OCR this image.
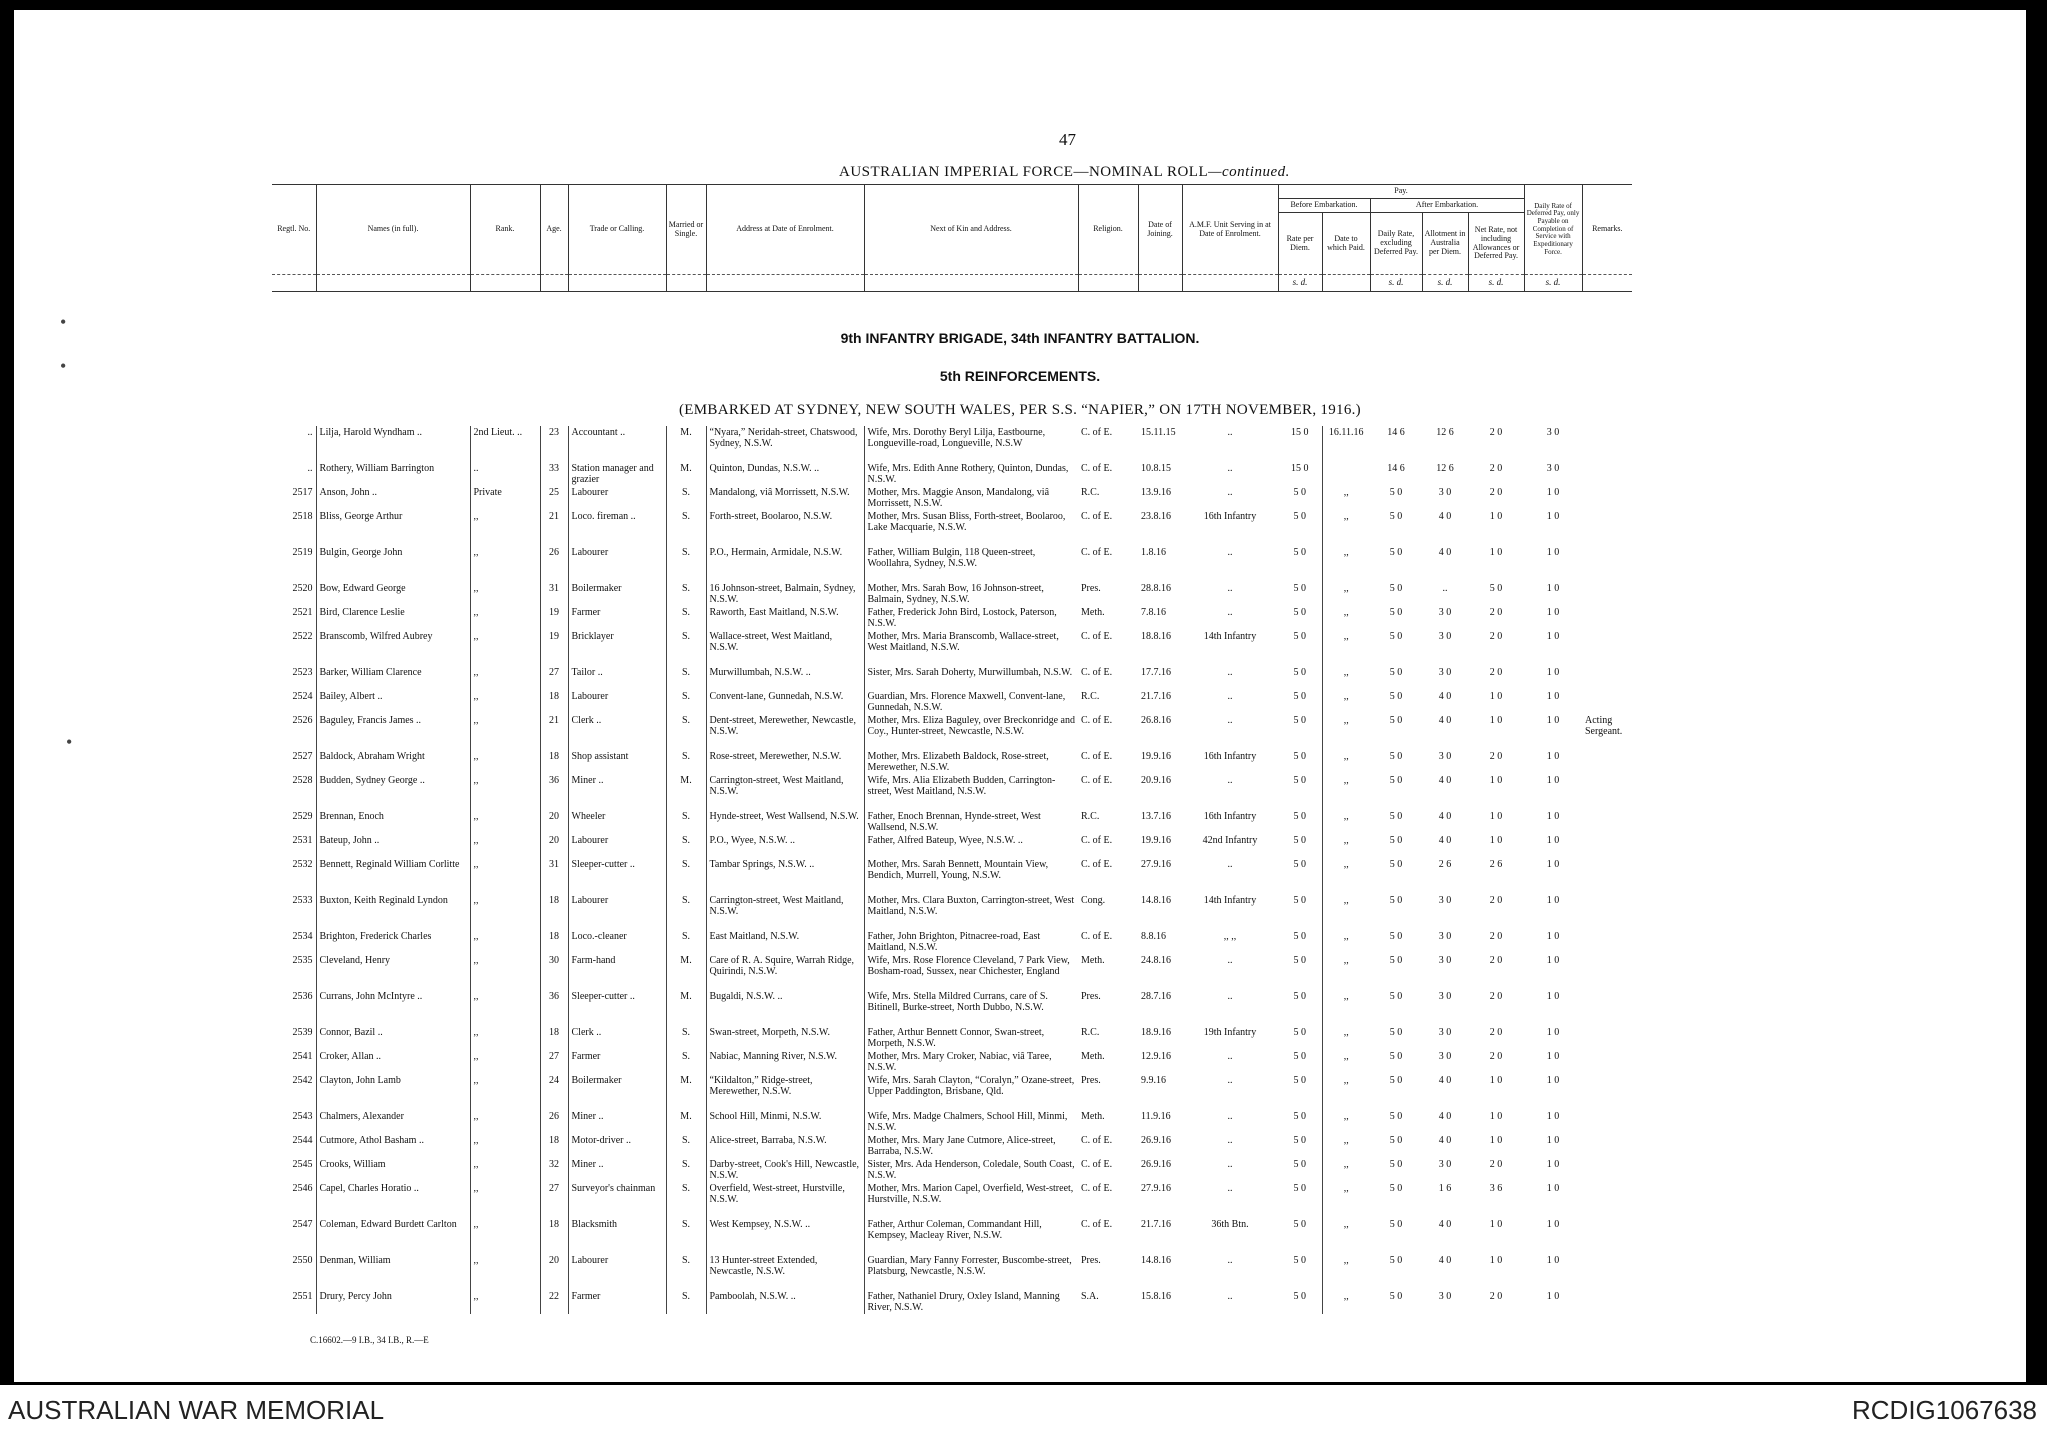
47
AUSTRALIAN IMPERIAL FORCE—NOMINAL ROLL—continued.
Regtl. No.	Names (in full).	Rank.	Age.	Trade or Calling.	Married or Single.	Address at Date of Enrolment.	Next of Kin and Address.	Religion.	Date of Joining.	A.M.F. Unit Serving in at Date of Enrolment.	Pay.					Daily Rate of Deferred Pay, only Payable on Completion of Service with Expeditionary Force.	Remarks.
											Before Embarkation.		After Embarkation.				
											Rate per Diem.	Date to which Paid.	Daily Rate, excluding Deferred Pay.	Allotment in Australia per Diem.	Net Rate, not including Allowances or Deferred Pay.		
											s. d.		s. d.	s. d.	s. d.	s. d.	
9th INFANTRY BRIGADE, 34th INFANTRY BATTALION.
5th REINFORCEMENTS.
(EMBARKED AT SYDNEY, NEW SOUTH WALES, PER S.S. “NAPIER,” ON 17TH NOVEMBER, 1916.)
..	Lilja, Harold Wyndham ..	2nd Lieut. ..	23	Accountant ..	M.	“Nyara,” Neridah-street, Chatswood, Sydney, N.S.W.	Wife, Mrs. Dorothy Beryl Lilja, Eastbourne, Longueville-road, Longueville, N.S.W	C. of E.	15.11.15	..	15 0	16.11.16	14 6	12 6	2 0	3 0	
..	Rothery, William Barrington	..	33	Station manager and grazier	M.	Quinton, Dundas, N.S.W. ..	Wife, Mrs. Edith Anne Rothery, Quinton, Dundas, N.S.W.	C. of E.	10.8.15	..	15 0		14 6	12 6	2 0	3 0	
2517	Anson, John ..	Private	25	Labourer	S.	Mandalong, viâ Morrissett, N.S.W.	Mother, Mrs. Maggie Anson, Mandalong, viâ Morrissett, N.S.W.	R.C.	13.9.16	..	5 0	,,	5 0	3 0	2 0	1 0	
2518	Bliss, George Arthur	,,	21	Loco. fireman ..	S.	Forth-street, Boolaroo, N.S.W.	Mother, Mrs. Susan Bliss, Forth-street, Boolaroo, Lake Macquarie, N.S.W.	C. of E.	23.8.16	16th Infantry	5 0	,,	5 0	4 0	1 0	1 0	
2519	Bulgin, George John	,,	26	Labourer	S.	P.O., Hermain, Armidale, N.S.W.	Father, William Bulgin, 118 Queen-street, Woollahra, Sydney, N.S.W.	C. of E.	1.8.16	..	5 0	,,	5 0	4 0	1 0	1 0	
2520	Bow, Edward George	,,	31	Boilermaker	S.	16 Johnson-street, Balmain, Sydney, N.S.W.	Mother, Mrs. Sarah Bow, 16 Johnson-street, Balmain, Sydney, N.S.W.	Pres.	28.8.16	..	5 0	,,	5 0	..	5 0	1 0	
2521	Bird, Clarence Leslie	,,	19	Farmer	S.	Raworth, East Maitland, N.S.W.	Father, Frederick John Bird, Lostock, Paterson, N.S.W.	Meth.	7.8.16	..	5 0	,,	5 0	3 0	2 0	1 0	
2522	Branscomb, Wilfred Aubrey	,,	19	Bricklayer	S.	Wallace-street, West Maitland, N.S.W.	Mother, Mrs. Maria Branscomb, Wallace-street, West Maitland, N.S.W.	C. of E.	18.8.16	14th Infantry	5 0	,,	5 0	3 0	2 0	1 0	
2523	Barker, William Clarence	,,	27	Tailor ..	S.	Murwillumbah, N.S.W. ..	Sister, Mrs. Sarah Doherty, Murwillumbah, N.S.W.	C. of E.	17.7.16	..	5 0	,,	5 0	3 0	2 0	1 0	
2524	Bailey, Albert ..	,,	18	Labourer	S.	Convent-lane, Gunnedah, N.S.W.	Guardian, Mrs. Florence Maxwell, Convent-lane, Gunnedah, N.S.W.	R.C.	21.7.16	..	5 0	,,	5 0	4 0	1 0	1 0	
2526	Baguley, Francis James ..	,,	21	Clerk ..	S.	Dent-street, Merewether, Newcastle, N.S.W.	Mother, Mrs. Eliza Baguley, over Breckonridge and Coy., Hunter-street, Newcastle, N.S.W.	C. of E.	26.8.16	..	5 0	,,	5 0	4 0	1 0	1 0	Acting Sergeant.
2527	Baldock, Abraham Wright	,,	18	Shop assistant	S.	Rose-street, Merewether, N.S.W.	Mother, Mrs. Elizabeth Baldock, Rose-street, Merewether, N.S.W.	C. of E.	19.9.16	16th Infantry	5 0	,,	5 0	3 0	2 0	1 0	
2528	Budden, Sydney George ..	,,	36	Miner ..	M.	Carrington-street, West Maitland, N.S.W.	Wife, Mrs. Alia Elizabeth Budden, Carrington-street, West Maitland, N.S.W.	C. of E.	20.9.16	..	5 0	,,	5 0	4 0	1 0	1 0	
2529	Brennan, Enoch	,,	20	Wheeler	S.	Hynde-street, West Wallsend, N.S.W.	Father, Enoch Brennan, Hynde-street, West Wallsend, N.S.W.	R.C.	13.7.16	16th Infantry	5 0	,,	5 0	4 0	1 0	1 0	
2531	Bateup, John ..	,,	20	Labourer	S.	P.O., Wyee, N.S.W. ..	Father, Alfred Bateup, Wyee, N.S.W. ..	C. of E.	19.9.16	42nd Infantry	5 0	,,	5 0	4 0	1 0	1 0	
2532	Bennett, Reginald William Corlitte	,,	31	Sleeper-cutter ..	S.	Tambar Springs, N.S.W. ..	Mother, Mrs. Sarah Bennett, Mountain View, Bendich, Murrell, Young, N.S.W.	C. of E.	27.9.16	..	5 0	,,	5 0	2 6	2 6	1 0	
2533	Buxton, Keith Reginald Lyndon	,,	18	Labourer	S.	Carrington-street, West Maitland, N.S.W.	Mother, Mrs. Clara Buxton, Carrington-street, West Maitland, N.S.W.	Cong.	14.8.16	14th Infantry	5 0	,,	5 0	3 0	2 0	1 0	
2534	Brighton, Frederick Charles	,,	18	Loco.-cleaner	S.	East Maitland, N.S.W.	Father, John Brighton, Pitnacree-road, East Maitland, N.S.W.	C. of E.	8.8.16	,, ,,	5 0	,,	5 0	3 0	2 0	1 0	
2535	Cleveland, Henry	,,	30	Farm-hand	M.	Care of R. A. Squire, Warrah Ridge, Quirindi, N.S.W.	Wife, Mrs. Rose Florence Cleveland, 7 Park View, Bosham-road, Sussex, near Chichester, England	Meth.	24.8.16	..	5 0	,,	5 0	3 0	2 0	1 0	
2536	Currans, John McIntyre ..	,,	36	Sleeper-cutter ..	M.	Bugaldi, N.S.W. ..	Wife, Mrs. Stella Mildred Currans, care of S. Bitinell, Burke-street, North Dubbo, N.S.W.	Pres.	28.7.16	..	5 0	,,	5 0	3 0	2 0	1 0	
2539	Connor, Bazil ..	,,	18	Clerk ..	S.	Swan-street, Morpeth, N.S.W.	Father, Arthur Bennett Connor, Swan-street, Morpeth, N.S.W.	R.C.	18.9.16	19th Infantry	5 0	,,	5 0	3 0	2 0	1 0	
2541	Croker, Allan ..	,,	27	Farmer	S.	Nabiac, Manning River, N.S.W.	Mother, Mrs. Mary Croker, Nabiac, viâ Taree, N.S.W.	Meth.	12.9.16	..	5 0	,,	5 0	3 0	2 0	1 0	
2542	Clayton, John Lamb	,,	24	Boilermaker	M.	“Kildalton,” Ridge-street, Merewether, N.S.W.	Wife, Mrs. Sarah Clayton, “Coralyn,” Ozane-street, Upper Paddington, Brisbane, Qld.	Pres.	9.9.16	..	5 0	,,	5 0	4 0	1 0	1 0	
2543	Chalmers, Alexander	,,	26	Miner ..	M.	School Hill, Minmi, N.S.W.	Wife, Mrs. Madge Chalmers, School Hill, Minmi, N.S.W.	Meth.	11.9.16	..	5 0	,,	5 0	4 0	1 0	1 0	
2544	Cutmore, Athol Basham ..	,,	18	Motor-driver ..	S.	Alice-street, Barraba, N.S.W.	Mother, Mrs. Mary Jane Cutmore, Alice-street, Barraba, N.S.W.	C. of E.	26.9.16	..	5 0	,,	5 0	4 0	1 0	1 0	
2545	Crooks, William	,,	32	Miner ..	S.	Darby-street, Cook's Hill, Newcastle, N.S.W.	Sister, Mrs. Ada Henderson, Coledale, South Coast, N.S.W.	C. of E.	26.9.16	..	5 0	,,	5 0	3 0	2 0	1 0	
2546	Capel, Charles Horatio ..	,,	27	Surveyor's chainman	S.	Overfield, West-street, Hurstville, N.S.W.	Mother, Mrs. Marion Capel, Overfield, West-street, Hurstville, N.S.W.	C. of E.	27.9.16	..	5 0	,,	5 0	1 6	3 6	1 0	
2547	Coleman, Edward Burdett Carlton	,,	18	Blacksmith	S.	West Kempsey, N.S.W. ..	Father, Arthur Coleman, Commandant Hill, Kempsey, Macleay River, N.S.W.	C. of E.	21.7.16	36th Btn.	5 0	,,	5 0	4 0	1 0	1 0	
2550	Denman, William	,,	20	Labourer	S.	13 Hunter-street Extended, Newcastle, N.S.W.	Guardian, Mary Fanny Forrester, Buscombe-street, Platsburg, Newcastle, N.S.W.	Pres.	14.8.16	..	5 0	,,	5 0	4 0	1 0	1 0	
2551	Drury, Percy John	,,	22	Farmer	S.	Pamboolah, N.S.W. ..	Father, Nathaniel Drury, Oxley Island, Manning River, N.S.W.	S.A.	15.8.16	..	5 0	,,	5 0	3 0	2 0	1 0	
C.16602.—9 I.B., 34 I.B., R.—E
•
•
•
AUSTRALIAN WAR MEMORIAL	RCDIG1067638
